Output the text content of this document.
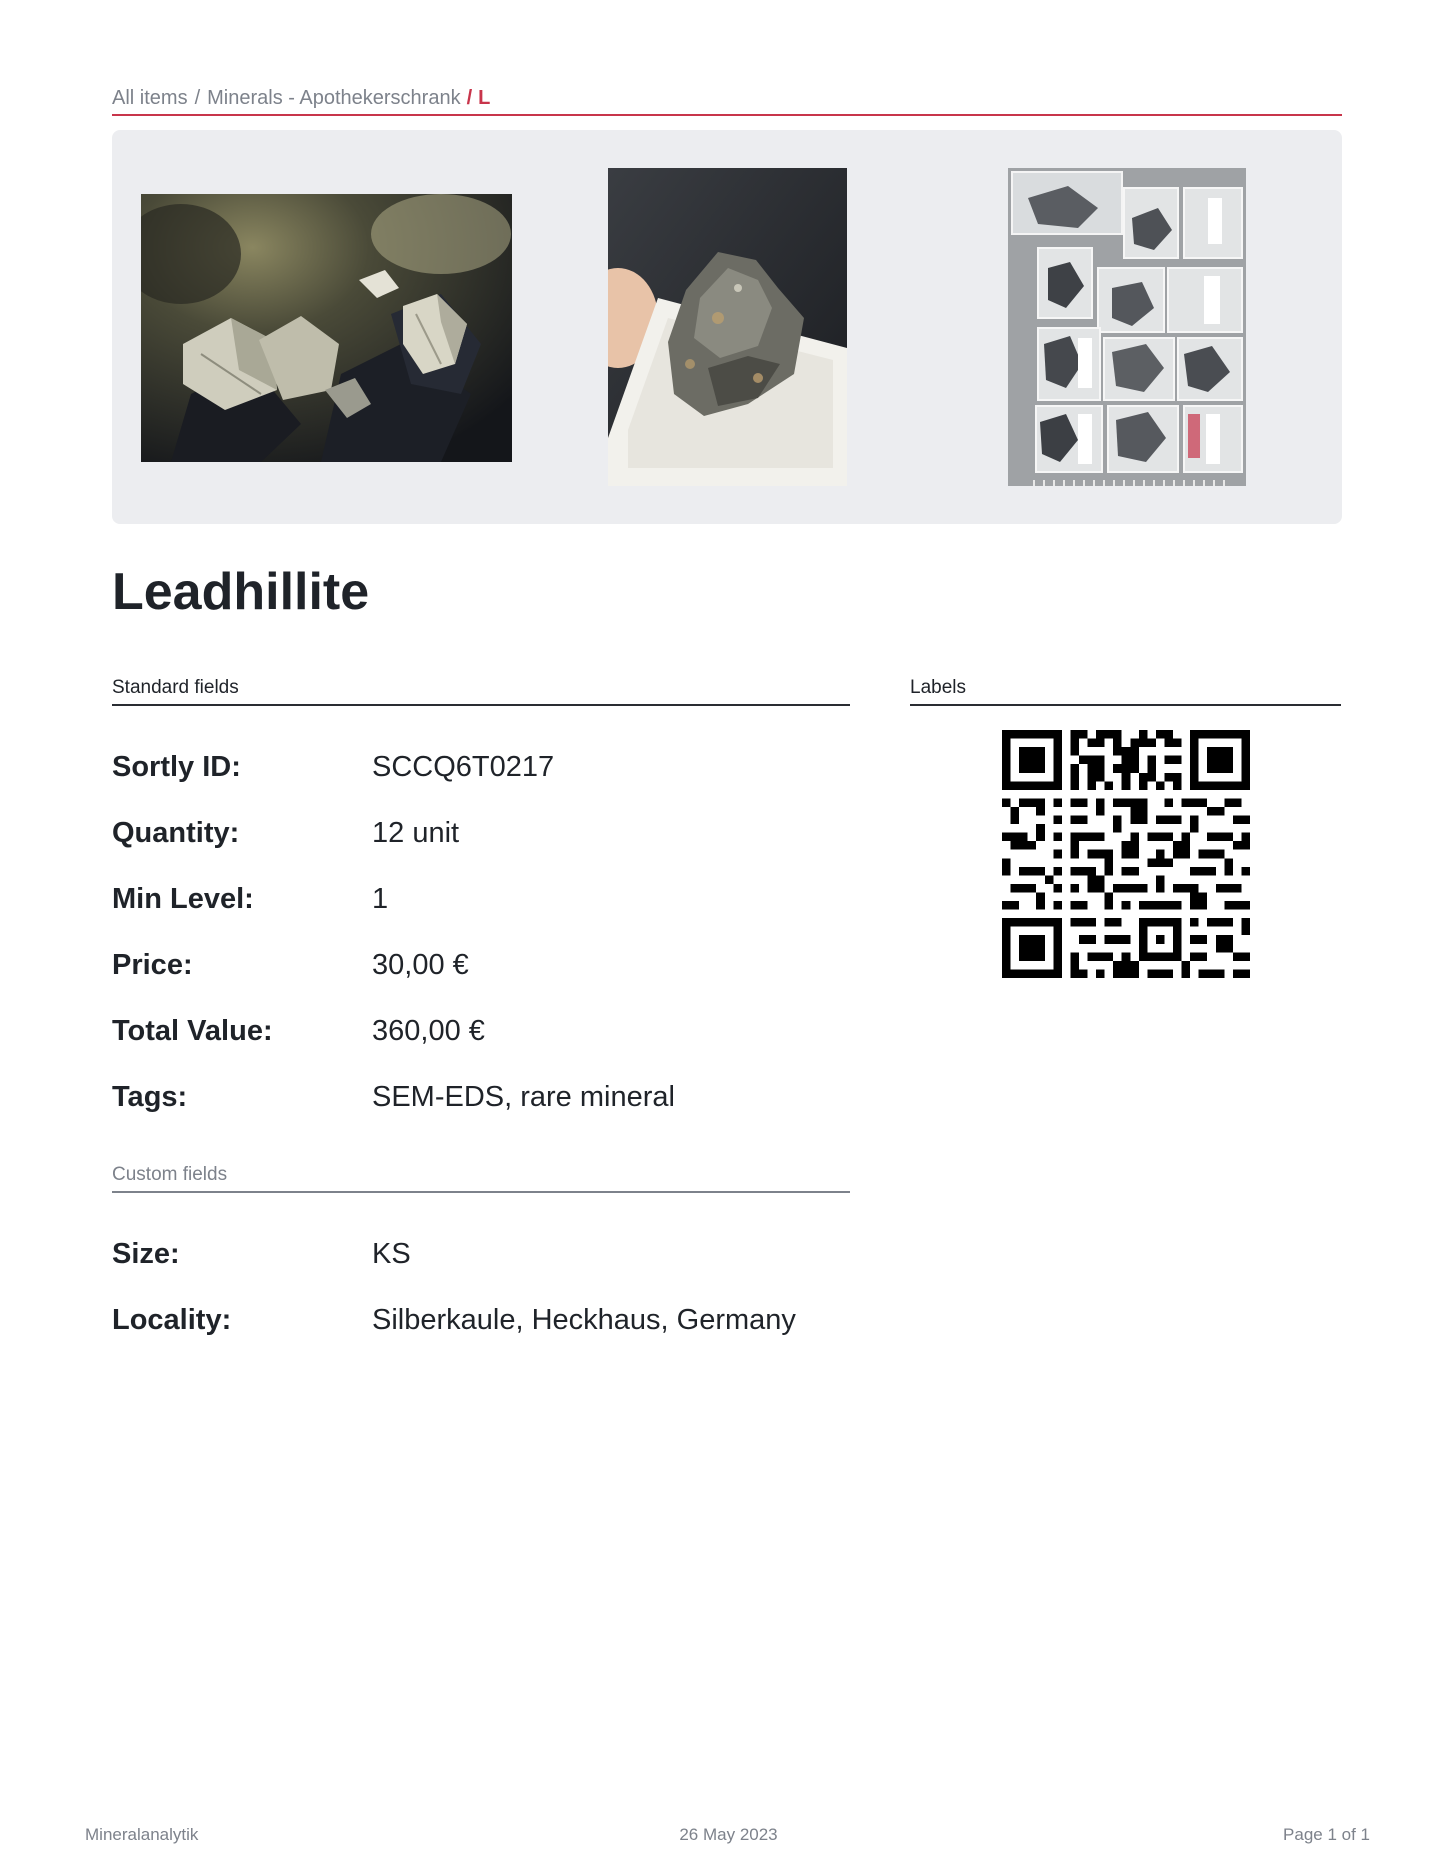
All items / Minerals - Apothekerschrank / L
Leadhillite
Standard fields	Labels
Sortly ID:	SCCQ6T0217
Quantity:	12 unit
Min Level:	1
Price:	30,00 €
Total Value:	360,00 €
Tags:	SEM-EDS, rare mineral
Custom fields
Size:	KS
Locality:	Silberkaule, Heckhaus, Germany
Mineralanalytik	26 May 2023	Page 1 of 1
